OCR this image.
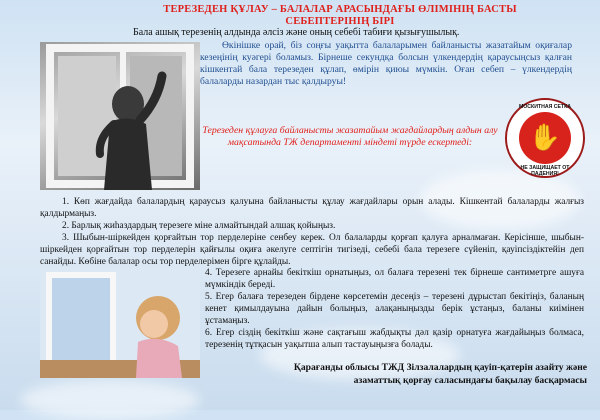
ТЕРЕЗЕДЕН ҚҰЛАУ – БАЛАЛАР АРАСЫНДАҒЫ ӨЛІМІНІҢ БАСТЫ СЕБЕПТЕРІНІҢ БІРІ
Бала ашық терезенің алдында әлсіз және оның себебі табиғи қызығушылық.

Өкінішке орай, біз соңғы уақытта балаларымен байланысты жазатайым оқиғалар кезеңінің куәгері боламыз. Бірнеше секундқа болсын үлкендердің қараусыңсыз қалған кішкентай бала терезеден құлап, өмірін қиюы мүмкін. Оған себеп – үлкендердің балаларды назардан тыс қалдыруы!

Терезеден құлауға байланысты жазатайым жағдайлардың алдын алу мақсатында ТЖ департаменті міндеті түрде ескертеді:
МОСКИТНАЯ СЕТКА
✋
НЕ ЗАЩИЩАЕТ ОТ ПАДЕНИЯ!

1. Көп жағдайда балалардың қараусыз қалуына байланысты құлау жағдайлары орын алады. Кішкентай балаларды жалғыз қалдырмаңыз.

2. Барлық жиһаздардың терезеге міне алмайтындай алшақ қойыңыз.

3. Шыбын-шіркейден қорғайтын тор перделеріне сенбеу керек. Ол балаларды қорғап қалуға арналмаған. Керісінше, шыбын-шіркейден қорғайтын тор перделерін қайғылы оқиға әкелуге септігін тигізеді, себебі бала терезеге сүйеніп, қауіпсіздіктейін деп санайды. Көбіне балалар осы тор перделерімен бірге құлайды.

4. Терезеге арнайы бекіткіш орнатыңыз, ол балаға терезені тек бірнеше сантиметрге ашуға мүмкіндік береді.

5. Егер балаға терезеден бірдене көрсетемін десеңіз – терезені дұрыстап бекітіңіз, баланың кенет қимылдауына дайын болыңыз, алақаныңызды берік ұстаңыз, баланы киімінен ұстамаңыз.

6. Егер сіздің бекіткіш және сақтағыш жабдықты дәл қазір орнатуға жағдайыңыз болмаса, терезенің тұтқасын уақытша алып тастауыңызға болады.

Қарағанды облысы ТЖД Зілзалалардың қауіп-қатерін азайту және
азаматтық қорғау саласындағы бақылау басқармасы
